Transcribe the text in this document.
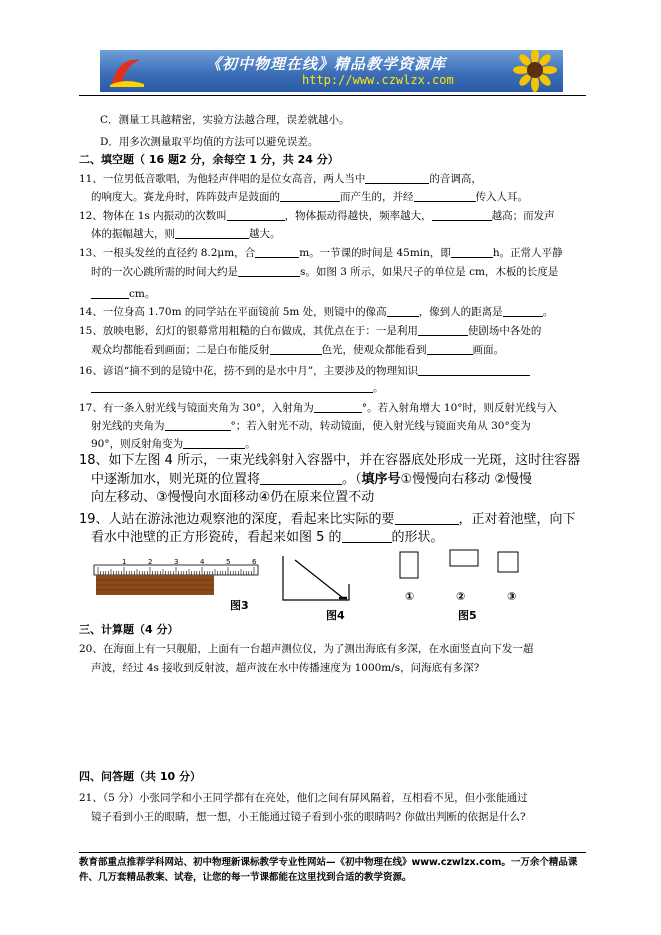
《初中物理在线》精品教学资源库
http://www.czwlzx.com
C．测量工具越精密，实验方法越合理，误差就越小。
D．用多次测量取平均值的方法可以避免误差。
二、填空题（ 16 题2 分，余每空 1 分，共 24 分）
11、一位男低音歌唱，为他轻声伴唱的是位女高音，两人当中	的音调高，
的响度大。赛龙舟时，阵阵鼓声是鼓面的	而产生的，并经	传入人耳。
12、物体在 1s 内振动的次数叫	，物体振动得越快，频率越大，	越高；而发声
体的振幅越大，则	越大。
13、一根头发丝的直径约 8.2μm，合	m。一节课的时间是 45min，即	h。正常人平静
时的一次心跳所需的时间大约是	s。如图 3 所示，如果尺子的单位是 cm，木板的长度是
cm。
14、一位身高 1.70m 的同学站在平面镜前 5m 处，则镜中的像高	，像到人的距离是	。
15、放映电影，幻灯的银幕常用粗糙的白布做成，其优点在于：一是利用	使剧场中各处的
观众均都能看到画面；二是白布能反射	色光，使观众都能看到	画面。
16、谚语“摘不到的是镜中花，捞不到的是水中月”，主要涉及的物理知识
。
17、有一条入射光线与镜面夹角为 30°，入射角为	°。若入射角增大 10°时，则反射光线与入
射光线的夹角为	°；若入射光不动，转动镜面，使入射光线与镜面夹角从 30°变为
90°，则反射角变为	。
18、如下左图 4 所示，一束光线斜射入容器中，并在容器底处形成一光斑，这时往容器
中逐渐加水，则光斑的位置将	。（填序号①慢慢向右移动 ②慢慢
向左移动、③慢慢向水面移动④仍在原来位置不动
19、人站在游泳池边观察池的深度，看起来比实际的要	，正对着池壁，向下
看水中池壁的正方形瓷砖，看起来如图 5 的	的形状。
1	2	3	4	5	6
图3
图4
①	②	③
图5
三、计算题（4 分）
20、在海面上有一只舰船，上面有一台超声测位仪，为了测出海底有多深，在水面竖直向下发一超
声波，经过 4s 接收到反射波，超声波在水中传播速度为 1000m/s，问海底有多深?
四、问答题（共 10 分）
21、（5 分）小张同学和小王同学都有在亮处，他们之间有屏风隔着，互相看不见，但小张能通过
镜子看到小王的眼睛，想一想，小王能通过镜子看到小张的眼睛吗? 你做出判断的依据是什么?
教育部重点推荐学科网站、初中物理新课标教学专业性网站—《初中物理在线》www.czwlzx.com。一万余个精品课
件、几万套精品教案、试卷，让您的每一节课都能在这里找到合适的教学资源。
